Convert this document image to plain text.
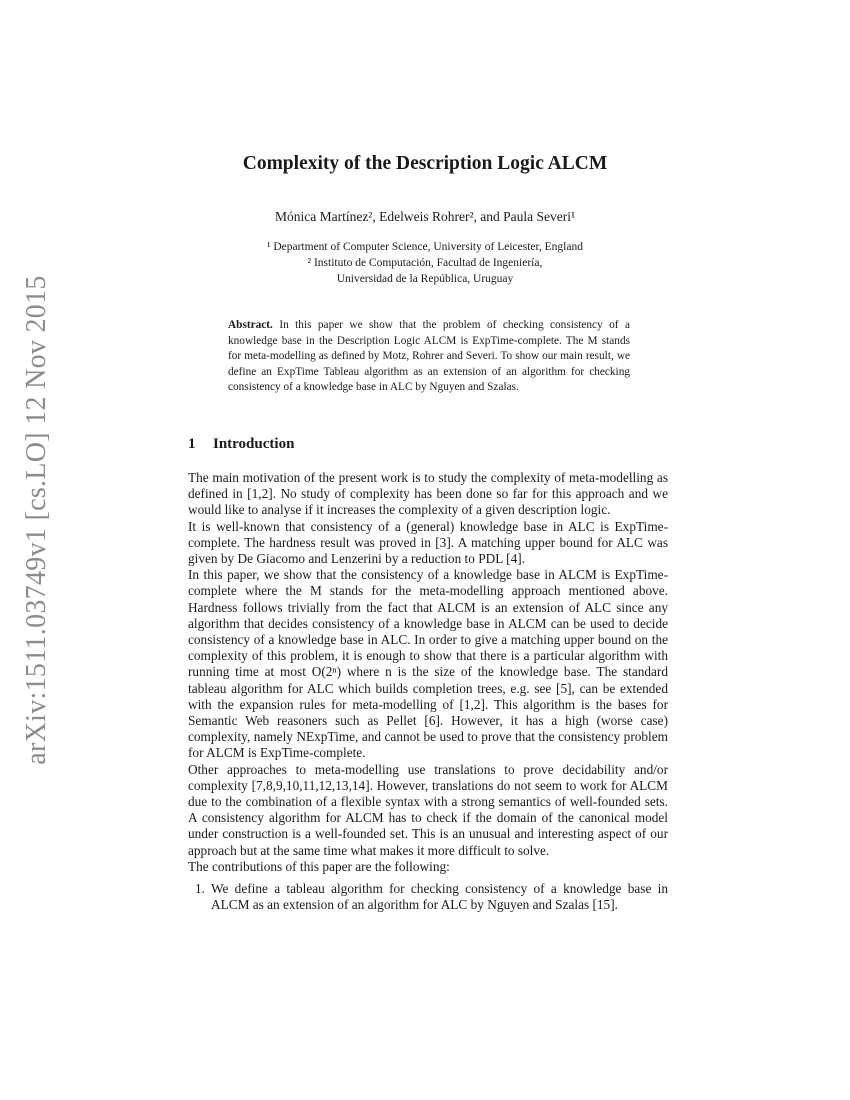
arXiv:1511.03749v1 [cs.LO] 12 Nov 2015
Complexity of the Description Logic ALCM
Mónica Martínez², Edelweis Rohrer², and Paula Severi¹
¹ Department of Computer Science, University of Leicester, England
² Instituto de Computación, Facultad de Ingeniería,
Universidad de la República, Uruguay
Abstract. In this paper we show that the problem of checking consistency of a knowledge base in the Description Logic ALCM is ExpTime-complete. The M stands for meta-modelling as defined by Motz, Rohrer and Severi. To show our main result, we define an ExpTime Tableau algorithm as an extension of an algorithm for checking consistency of a knowledge base in ALC by Nguyen and Szalas.
1 Introduction

The main motivation of the present work is to study the complexity of meta-modelling as defined in [1,2]. No study of complexity has been done so far for this approach and we would like to analyse if it increases the complexity of a given description logic.

It is well-known that consistency of a (general) knowledge base in ALC is ExpTime-complete. The hardness result was proved in [3]. A matching upper bound for ALC was given by De Giacomo and Lenzerini by a reduction to PDL [4].

In this paper, we show that the consistency of a knowledge base in ALCM is ExpTime-complete where the M stands for the meta-modelling approach mentioned above. Hardness follows trivially from the fact that ALCM is an extension of ALC since any algorithm that decides consistency of a knowledge base in ALCM can be used to decide consistency of a knowledge base in ALC. In order to give a matching upper bound on the complexity of this problem, it is enough to show that there is a particular algorithm with running time at most O(2ⁿ) where n is the size of the knowledge base. The standard tableau algorithm for ALC which builds completion trees, e.g. see [5], can be extended with the expansion rules for meta-modelling of [1,2]. This algorithm is the bases for Semantic Web reasoners such as Pellet [6]. However, it has a high (worse case) complexity, namely NExpTime, and cannot be used to prove that the consistency problem for ALCM is ExpTime-complete.

Other approaches to meta-modelling use translations to prove decidability and/or complexity [7,8,9,10,11,12,13,14]. However, translations do not seem to work for ALCM due to the combination of a flexible syntax with a strong semantics of well-founded sets. A consistency algorithm for ALCM has to check if the domain of the canonical model under construction is a well-founded set. This is an unusual and interesting aspect of our approach but at the same time what makes it more difficult to solve.

The contributions of this paper are the following:

1. We define a tableau algorithm for checking consistency of a knowledge base in ALCM as an extension of an algorithm for ALC by Nguyen and Szalas [15].
